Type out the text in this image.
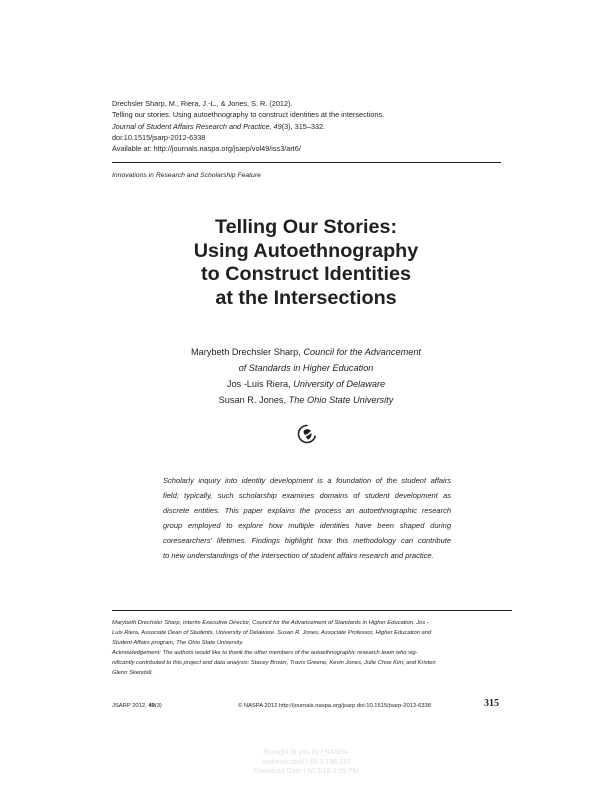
Drechsler Sharp, M., Riera, J.-L., & Jones, S. R. (2012).
Telling our stories: Using autoethnography to construct identities at the intersections.
Journal of Student Affairs Research and Practice, 49(3), 315–332.
doi:10.1515/jsarp-2012-6338
Available at: http://journals.naspa.org/jsarp/vol49/iss3/art6/
Innovations in Research and Scholarship Feature
Telling Our Stories:
Using Autoethnography
to Construct Identities
at the Intersections
Marybeth Drechsler Sharp, Council for the Advancement
of Standards in Higher Education
Jos -Luis Riera, University of Delaware
Susan R. Jones, The Ohio State University
Scholarly inquiry into identity development is a foundation of the student affairs
field; typically, such scholarship examines domains of student development as
discrete entities. This paper explains the process an autoethnographic research
group employed to explore how multiple identities have been shaped during
coresearchers' lifetimes. Findings highlight how this methodology can contribute
to new understandings of the intersection of student affairs research and practice.
Marybeth Drechsler Sharp, Interim Executive Director, Council for the Advancement of Standards in Higher Education. Jos -
Luis Riera, Associate Dean of Students, University of Delaware. Susan R. Jones, Associate Professor, Higher Education and
Student Affairs program, The Ohio State University.
Acknowledgement: The authors would like to thank the other members of the autoethnographic research team who sig-
nificantly contributed to this project and data analysis: Stacey Brown, Travis Greene, Kevin Jones, Julie Choe Kim, and Kristen
Glenn Skendall.
JSARP 2012, 49(3)	© NASPA 2012 http://journals.naspa.org/jsarp doi:10.1515/jsarp-2012-6338	315
Brought to you by | NASPA
Authenticated | 69.3.156.210
Download Date | 9/13/13 3:55 PM
